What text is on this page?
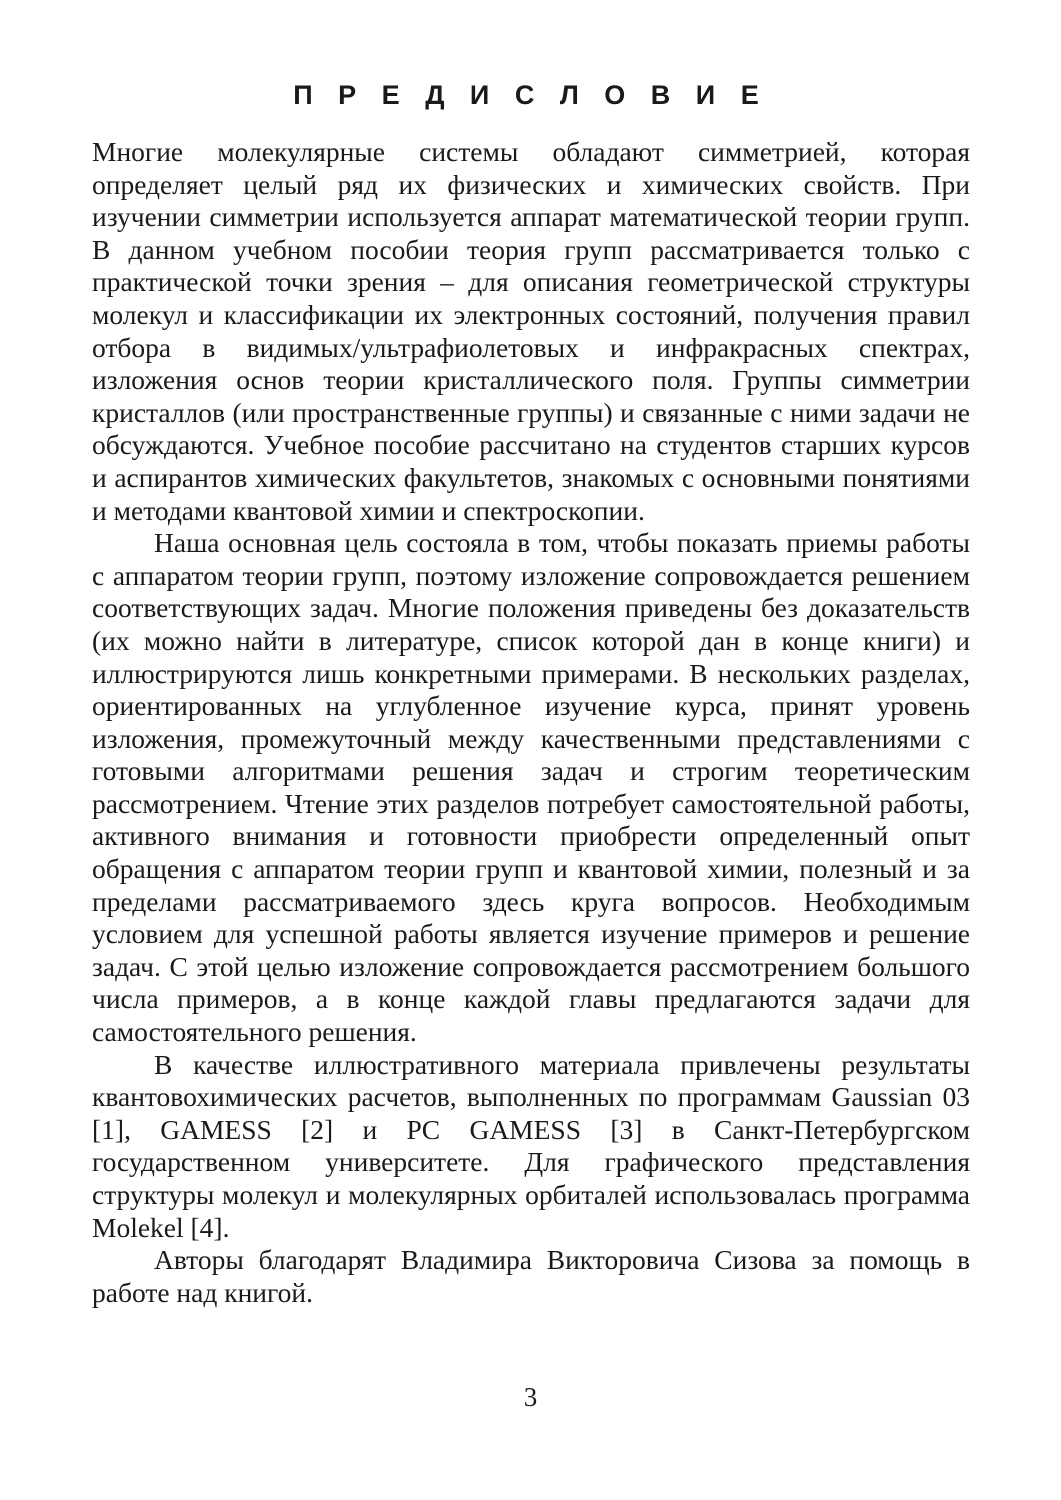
П Р Е Д И С Л О В И Е

Многие молекулярные системы обладают симметрией, которая определяет целый ряд их физических и химических свойств. При изучении симметрии используется аппарат математической теории групп. В данном учебном пособии теория групп рассматривается только с практической точки зрения – для описания геометрической структуры молекул и классификации их электронных состояний, получения правил отбора в видимых/ультрафиолетовых и инфракрасных спектрах, изложения основ теории кристаллического поля. Группы симметрии кристаллов (или пространственные группы) и связанные с ними задачи не обсуждаются. Учебное пособие рассчитано на студентов старших курсов и аспирантов химических факультетов, знакомых с основными понятиями и методами квантовой химии и спектроскопии.

Наша основная цель состояла в том, чтобы показать приемы работы с аппаратом теории групп, поэтому изложение сопровождается решением соответствующих задач. Многие положения приведены без доказательств (их можно найти в литературе, список которой дан в конце книги) и иллюстрируются лишь конкретными примерами. В нескольких разделах, ориентированных на углубленное изучение курса, принят уровень изложения, промежуточный между качественными представлениями с готовыми алгоритмами решения задач и строгим теоретическим рассмотрением. Чтение этих разделов потребует самостоятельной работы, активного внимания и готовности приобрести определенный опыт обращения с аппаратом теории групп и квантовой химии, полезный и за пределами рассматриваемого здесь круга вопросов. Необходимым условием для успешной работы является изучение примеров и решение задач. С этой целью изложение сопровождается рассмотрением большого числа примеров, а в конце каждой главы предлагаются задачи для самостоятельного решения.

В качестве иллюстративного материала привлечены результаты квантовохимических расчетов, выполненных по программам Gaussian 03 [1], GAMESS [2] и PC GAMESS [3] в Санкт-Петербургском государственном университете. Для графического представления структуры молекул и молекулярных орбиталей использовалась программа Molekel [4].

Авторы благодарят Владимира Викторовича Сизова за помощь в работе над книгой.

3
